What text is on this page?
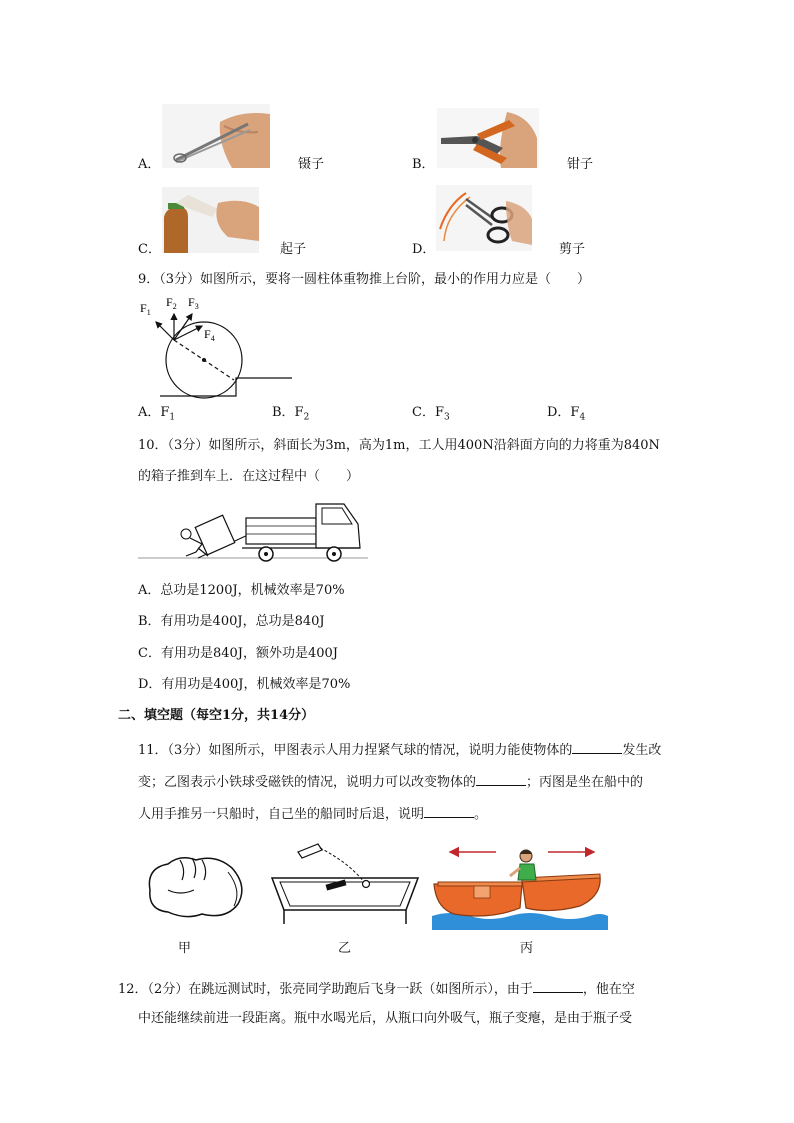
A．	镊子	B．	钳子
C．	起子	D．	剪子
9．（3分）如图所示，要将一圆柱体重物推上台阶，最小的作用力应是（　　）
$F_1$
$F_2$ $F_3$
$F_4$
A．$F_1$	B．$F_2$	C．$F_3$	D．$F_4$
10．（3分）如图所示，斜面长为3m，高为1m，工人用400N沿斜面方向的力将重为840N
的箱子推到车上．在这过程中（　　）
A．总功是1200J，机械效率是70%
B．有用功是400J，总功是840J
C．有用功是840J，额外功是400J
D．有用功是400J，机械效率是70%
二、填空题（每空1分，共14分）
11．（3分）如图所示，甲图表示人用力捏紧气球的情况，说明力能使物体的	发生改
变；乙图表示小铁球受磁铁的情况，说明力可以改变物体的	；丙图是坐在船中的
人用手推另一只船时，自己坐的船同时后退，说明	。
甲	乙	丙
12．（2分）在跳远测试时，张亮同学助跑后飞身一跃（如图所示），由于	，他在空
中还能继续前进一段距离。瓶中水喝光后，从瓶口向外吸气，瓶子变瘪，是由于瓶子受
